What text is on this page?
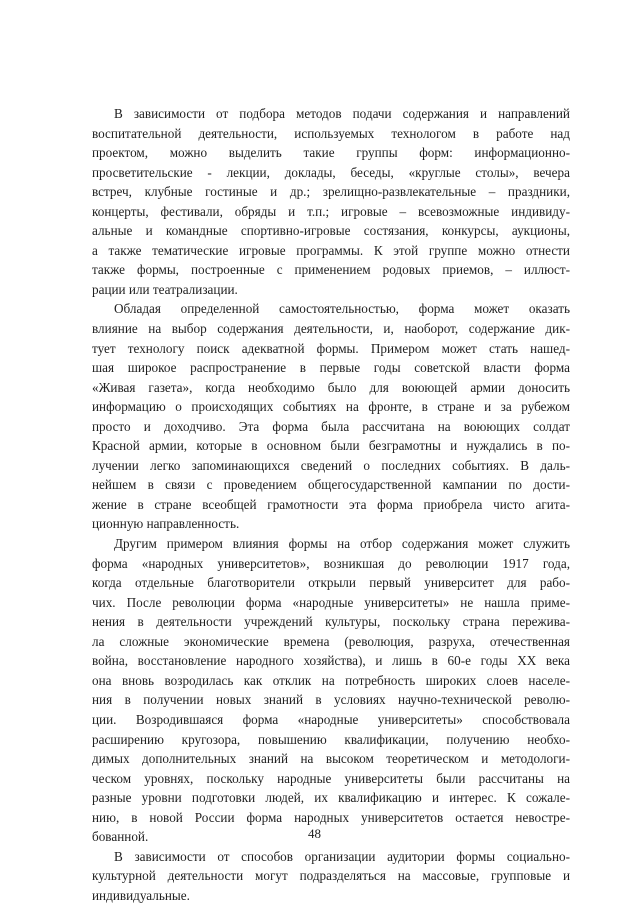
В зависимости от подбора методов подачи содержания и направлений
воспитательной деятельности, используемых технологом в работе над
проектом, можно выделить такие группы форм: информационно-
просветительские - лекции, доклады, беседы, «круглые столы», вечера
встреч, клубные гостиные и др.; зрелищно-развлекательные – праздники,
концерты, фестивали, обряды и т.п.; игровые – всевозможные индивиду-
альные и командные спортивно-игровые состязания, конкурсы, аукционы,
а также тематические игровые программы. К этой группе можно отнести
также формы, построенные с применением родовых приемов, – иллюст-
рации или театрализации.
Обладая определенной самостоятельностью, форма может оказать
влияние на выбор содержания деятельности, и, наоборот, содержание дик-
тует технологу поиск адекватной формы. Примером может стать нашед-
шая широкое распространение в первые годы советской власти форма
«Живая газета», когда необходимо было для воюющей армии доносить
информацию о происходящих событиях на фронте, в стране и за рубежом
просто и доходчиво. Эта форма была рассчитана на воюющих солдат
Красной армии, которые в основном были безграмотны и нуждались в по-
лучении легко запоминающихся сведений о последних событиях. В даль-
нейшем в связи с проведением общегосударственной кампании по дости-
жение в стране всеобщей грамотности эта форма приобрела чисто агита-
ционную направленность.
Другим примером влияния формы на отбор содержания может служить
форма «народных университетов», возникшая до революции 1917 года,
когда отдельные благотворители открыли первый университет для рабо-
чих. После революции форма «народные университеты» не нашла приме-
нения в деятельности учреждений культуры, поскольку страна пережива-
ла сложные экономические времена (революция, разруха, отечественная
война, восстановление народного хозяйства), и лишь в 60-е годы XX века
она вновь возродилась как отклик на потребность широких слоев населе-
ния в получении новых знаний в условиях научно-технической револю-
ции. Возродившаяся форма «народные университеты» способствовала
расширению кругозора, повышению квалификации, получению необхо-
димых дополнительных знаний на высоком теоретическом и методологи-
ческом уровнях, поскольку народные университеты были рассчитаны на
разные уровни подготовки людей, их квалификацию и интерес. К сожале-
нию, в новой России форма народных университетов остается невостре-
бованной.
В зависимости от способов организации аудитории формы социально-
культурной деятельности могут подразделяться на массовые, групповые и
индивидуальные.
48
